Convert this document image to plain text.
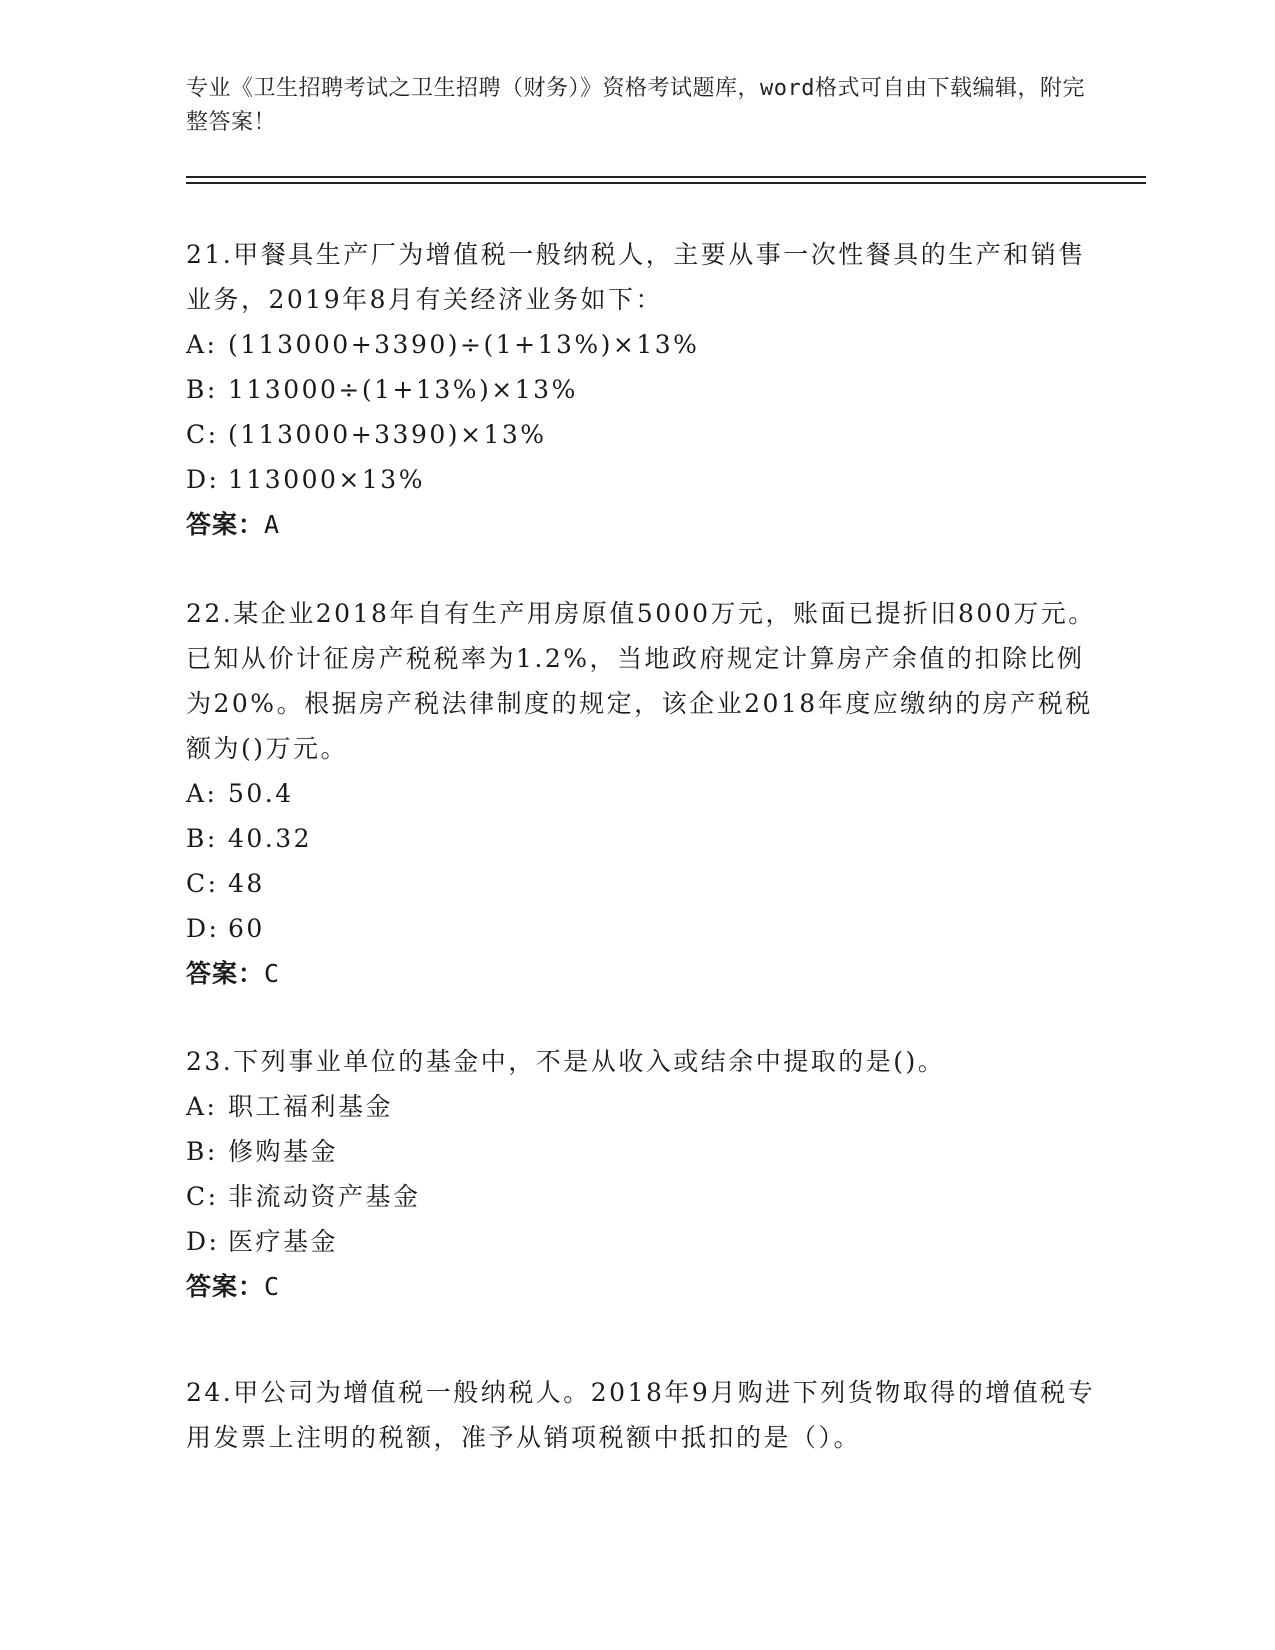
专业《卫生招聘考试之卫生招聘（财务）》资格考试题库，word格式可自由下载编辑，附完整答案！

21.甲餐具生产厂为增值税一般纳税人，主要从事一次性餐具的生产和销售业务，2019年8月有关经济业务如下：

A: (113000+3390)÷(1+13%)×13%
B: 113000÷(1+13%)×13%
C: (113000+3390)×13%
D: 113000×13%
答案：A

22.某企业2018年自有生产用房原值5000万元，账面已提折旧800万元。已知从价计征房产税税率为1.2%，当地政府规定计算房产余值的扣除比例为20%。根据房产税法律制度的规定，该企业2018年度应缴纳的房产税税额为()万元。

A: 50.4
B: 40.32
C: 48
D: 60
答案：C

23.下列事业单位的基金中，不是从收入或结余中提取的是()。

A: 职工福利基金
B: 修购基金
C: 非流动资产基金
D: 医疗基金
答案：C

24.甲公司为增值税一般纳税人。2018年9月购进下列货物取得的增值税专用发票上注明的税额，准予从销项税额中抵扣的是（）。
